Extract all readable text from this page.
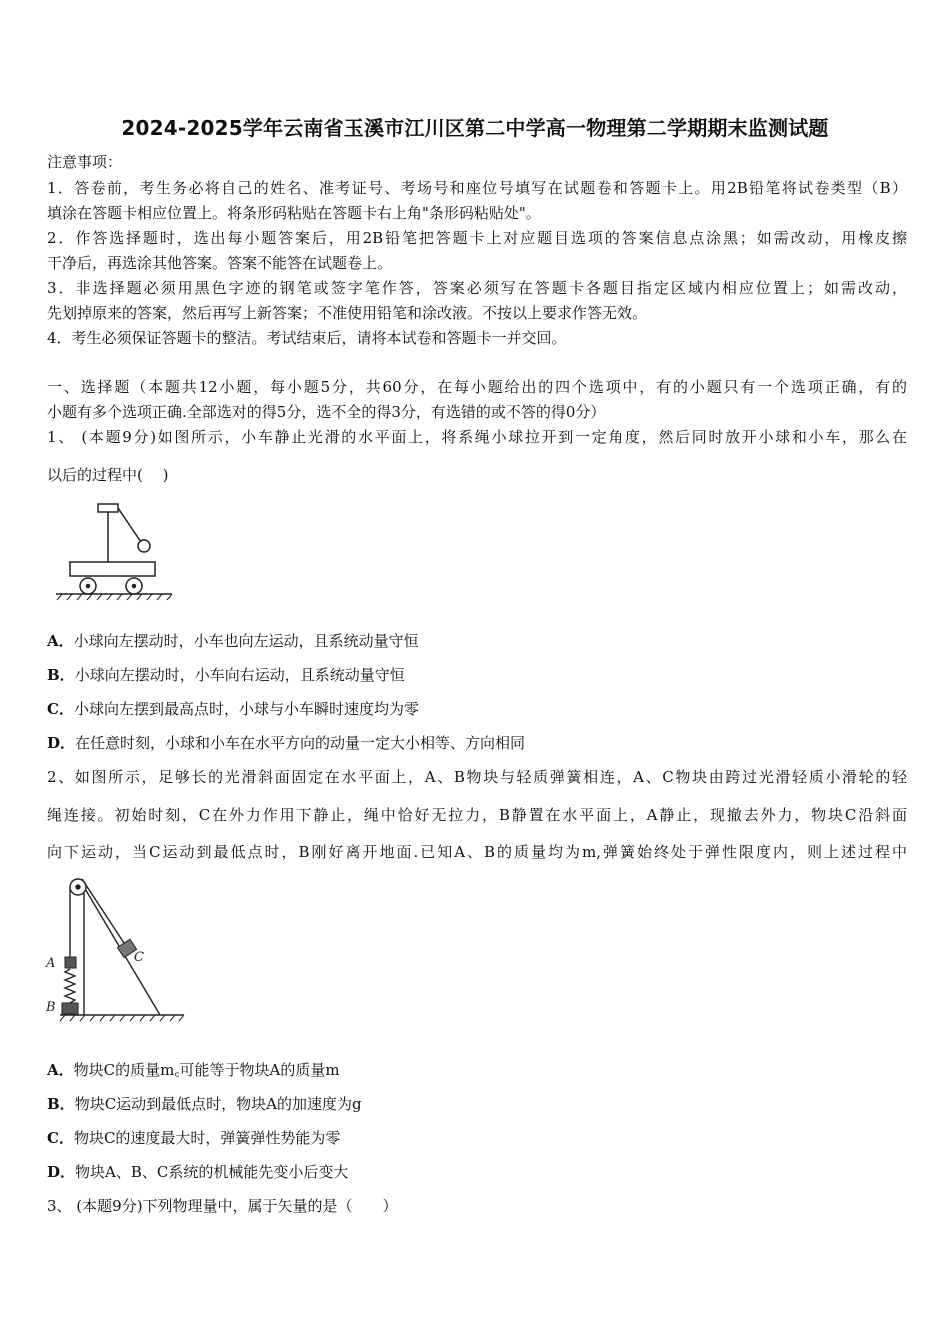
2024-2025学年云南省玉溪市江川区第二中学高一物理第二学期期末监测试题
注意事项：
1．答卷前，考生务必将自己的姓名、准考证号、考场号和座位号填写在试题卷和答题卡上。用2B铅笔将试卷类型（B）
填涂在答题卡相应位置上。将条形码粘贴在答题卡右上角"条形码粘贴处"。
2．作答选择题时，选出每小题答案后，用2B铅笔把答题卡上对应题目选项的答案信息点涂黑；如需改动，用橡皮擦
干净后，再选涂其他答案。答案不能答在试题卷上。
3．非选择题必须用黑色字迹的钢笔或签字笔作答，答案必须写在答题卡各题目指定区域内相应位置上；如需改动，
先划掉原来的答案，然后再写上新答案；不准使用铅笔和涂改液。不按以上要求作答无效。
4．考生必须保证答题卡的整洁。考试结束后，请将本试卷和答题卡一并交回。
一、选择题（本题共12小题，每小题5分，共60分，在每小题给出的四个选项中，有的小题只有一个选项正确，有的
小题有多个选项正确.全部选对的得5分，选不全的得3分，有选错的或不答的得0分）
1、 (本题9分)如图所示，小车静止光滑的水平面上，将系绳小球拉开到一定角度，然后同时放开小球和小车，那么在
以后的过程中(　 )
A．小球向左摆动时，小车也向左运动，且系统动量守恒
B．小球向左摆动时，小车向右运动，且系统动量守恒
C．小球向左摆到最高点时，小球与小车瞬时速度均为零
D．在任意时刻，小球和小车在水平方向的动量一定大小相等、方向相同
2、如图所示，足够长的光滑斜面固定在水平面上，A、B物块与轻质弹簧相连，A、C物块由跨过光滑轻质小滑轮的轻
绳连接。初始时刻，C在外力作用下静止，绳中恰好无拉力，B静置在水平面上，A静止，现撤去外力，物块C沿斜面
向下运动，当C运动到最低点时，B刚好离开地面.已知A、B的质量均为m,弹簧始终处于弹性限度内，则上述过程中
A
B
C
A．物块C的质量m꜀可能等于物块A的质量m
B．物块C运动到最低点时，物块A的加速度为g
C．物块C的速度最大时，弹簧弹性势能为零
D．物块A、B、C系统的机械能先变小后变大
3、 (本题9分)下列物理量中，属于矢量的是（　　）
